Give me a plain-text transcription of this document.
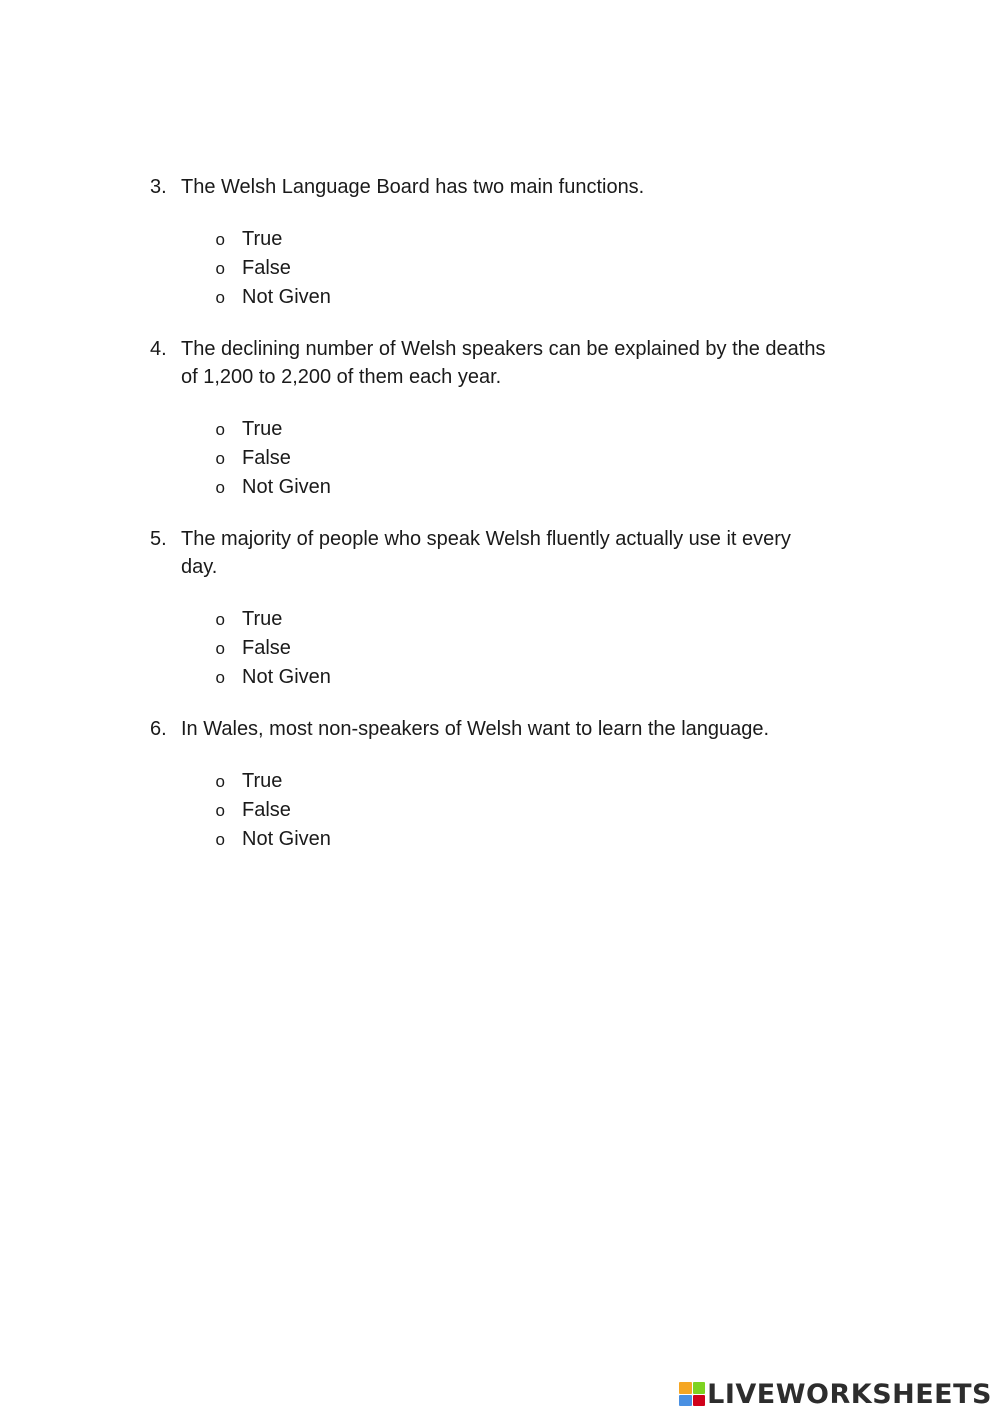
3. The Welsh Language Board has two main functions.
o True
o False
o Not Given
4. The declining number of Welsh speakers can be explained by the deaths
of 1,200 to 2,200 of them each year.
o True
o False
o Not Given
5. The majority of people who speak Welsh fluently actually use it every
day.
o True
o False
o Not Given
6. In Wales, most non-speakers of Welsh want to learn the language.
o True
o False
o Not Given
LIVEWORKSHEETS
